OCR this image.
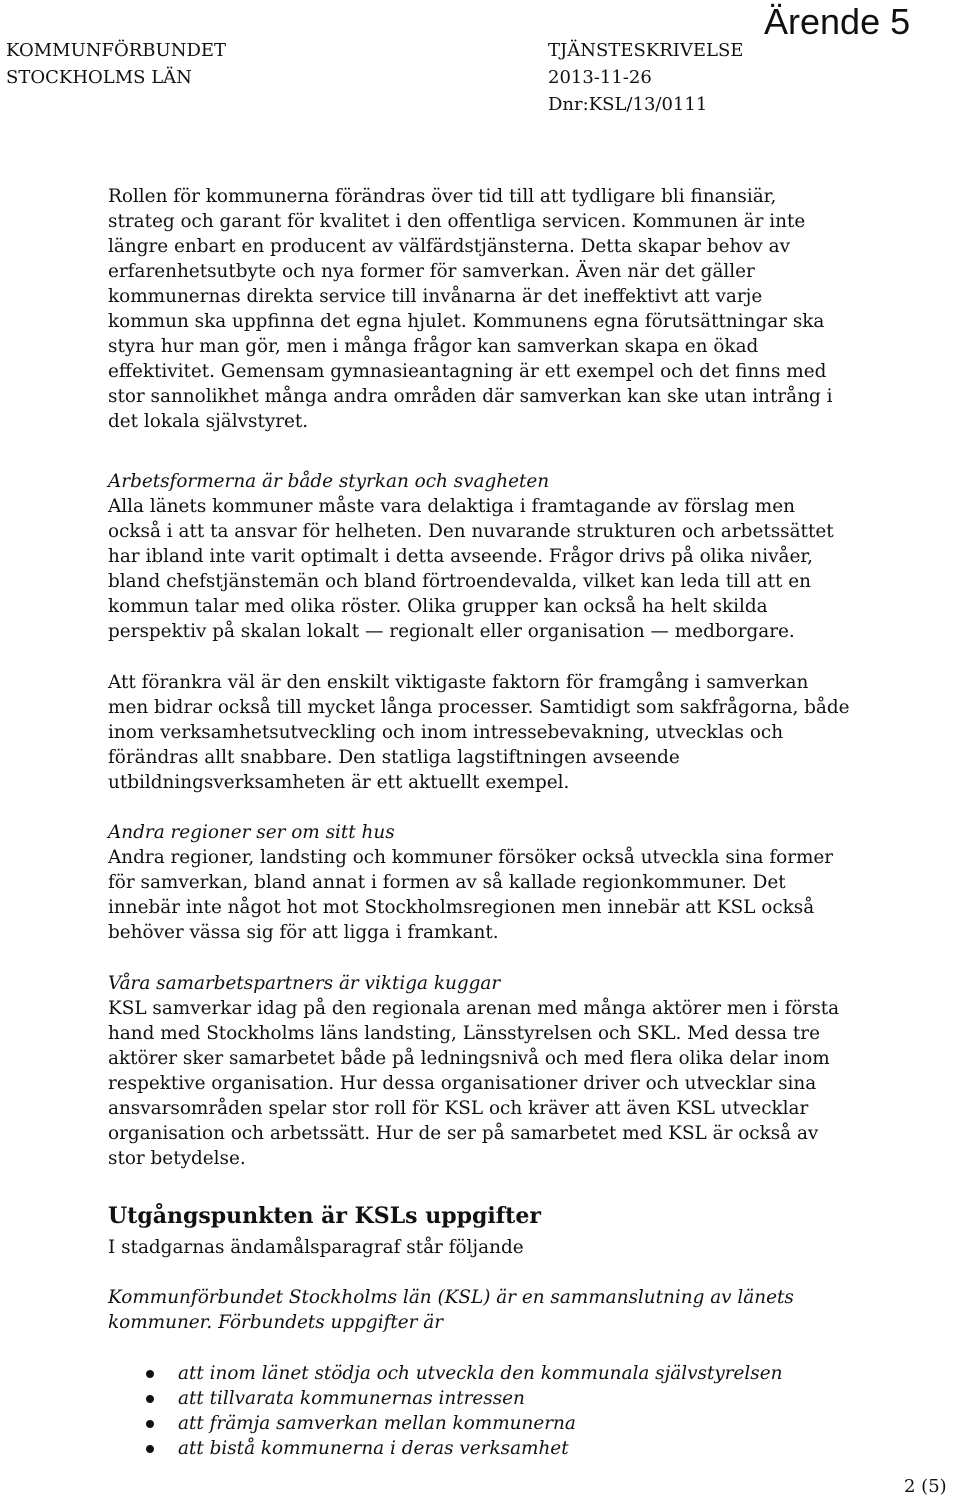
KOMMUNFÖRBUNDET
STOCKHOLMS LÄN
TJÄNSTESKRIVELSE
2013-11-26
Dnr:KSL/13/0111
Ärende 5
Rollen för kommunerna förändras över tid till att tydligare bli finansiär,
strateg och garant för kvalitet i den offentliga servicen. Kommunen är inte
längre enbart en producent av välfärdstjänsterna. Detta skapar behov av
erfarenhetsutbyte och nya former för samverkan. Även när det gäller
kommunernas direkta service till invånarna är det ineffektivt att varje
kommun ska uppfinna det egna hjulet. Kommunens egna förutsättningar ska
styra hur man gör, men i många frågor kan samverkan skapa en ökad
effektivitet. Gemensam gymnasieantagning är ett exempel och det finns med
stor sannolikhet många andra områden där samverkan kan ske utan intrång i
det lokala självstyret.
Arbetsformerna är både styrkan och svagheten
Alla länets kommuner måste vara delaktiga i framtagande av förslag men
också i att ta ansvar för helheten. Den nuvarande strukturen och arbetssättet
har ibland inte varit optimalt i detta avseende. Frågor drivs på olika nivåer,
bland chefstjänstemän och bland förtroendevalda, vilket kan leda till att en
kommun talar med olika röster. Olika grupper kan också ha helt skilda
perspektiv på skalan lokalt — regionalt eller organisation — medborgare.
Att förankra väl är den enskilt viktigaste faktorn för framgång i samverkan
men bidrar också till mycket långa processer. Samtidigt som sakfrågorna, både
inom verksamhetsutveckling och inom intressebevakning, utvecklas och
förändras allt snabbare. Den statliga lagstiftningen avseende
utbildningsverksamheten är ett aktuellt exempel.
Andra regioner ser om sitt hus
Andra regioner, landsting och kommuner försöker också utveckla sina former
för samverkan, bland annat i formen av så kallade regionkommuner. Det
innebär inte något hot mot Stockholmsregionen men innebär att KSL också
behöver vässa sig för att ligga i framkant.
Våra samarbetspartners är viktiga kuggar
KSL samverkar idag på den regionala arenan med många aktörer men i första
hand med Stockholms läns landsting, Länsstyrelsen och SKL. Med dessa tre
aktörer sker samarbetet både på ledningsnivå och med flera olika delar inom
respektive organisation. Hur dessa organisationer driver och utvecklar sina
ansvarsområden spelar stor roll för KSL och kräver att även KSL utvecklar
organisation och arbetssätt. Hur de ser på samarbetet med KSL är också av
stor betydelse.
Utgångspunkten är KSLs uppgifter
I stadgarnas ändamålsparagraf står följande
Kommunförbundet Stockholms län (KSL) är en sammanslutning av länets
kommuner. Förbundets uppgifter är
att inom länet stödja och utveckla den kommunala självstyrelsen
att tillvarata kommunernas intressen
att främja samverkan mellan kommunerna
att bistå kommunerna i deras verksamhet
2 (5)
